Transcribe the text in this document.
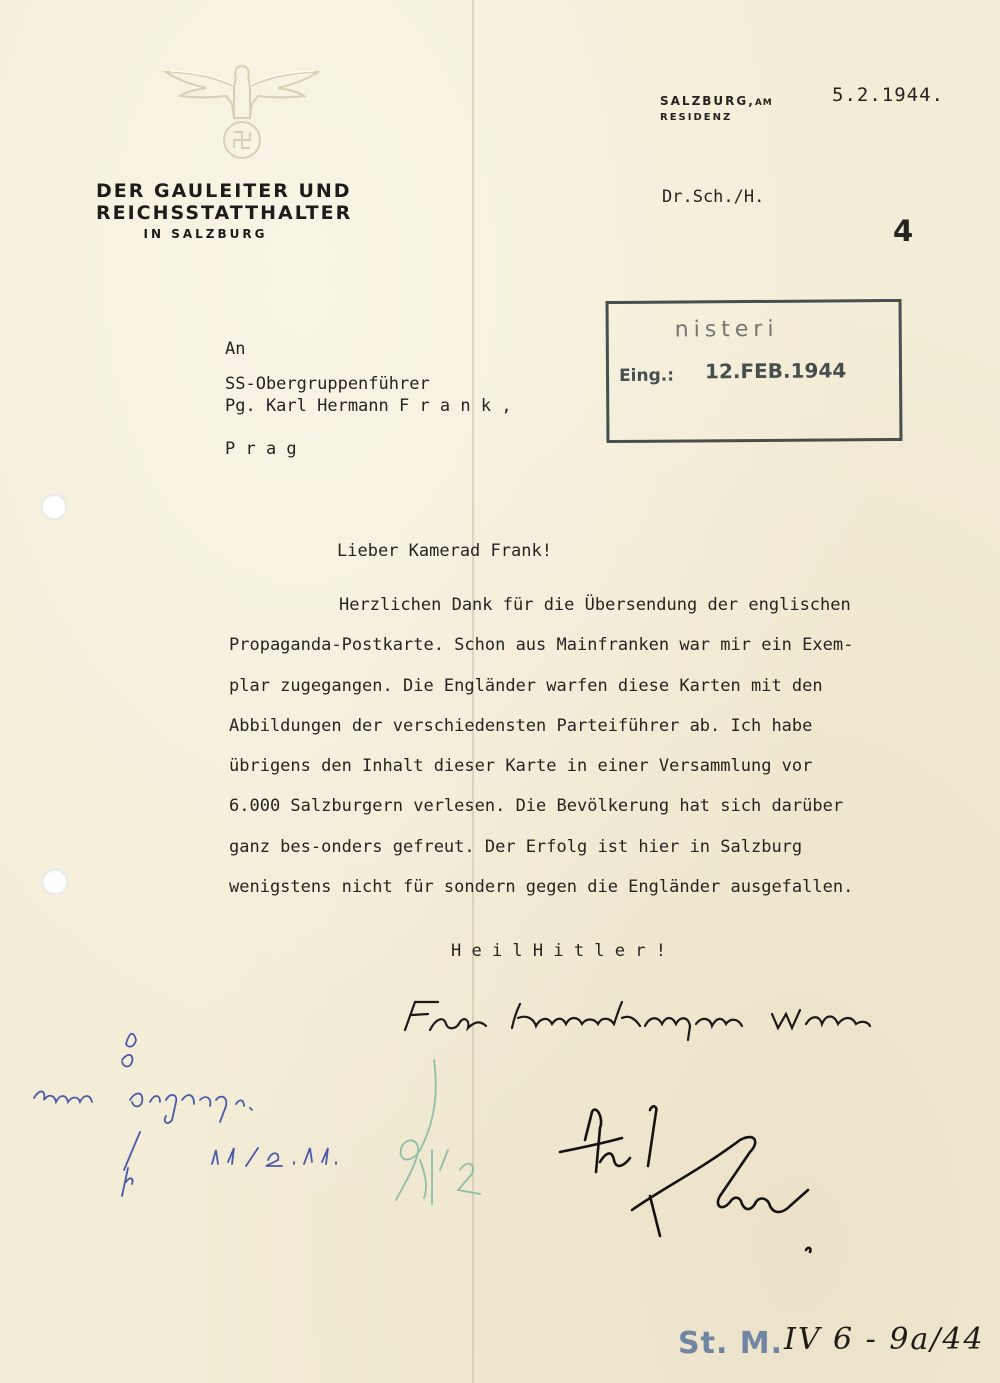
DER GAULEITER UND
REICHSSTATTHALTER
IN SALZBURG
SALZBURG,AM
RESIDENZ
5.2.1944.
Dr.Sch./H.
4
nisteri
Eing.: 12.FEB.1944
An
SS-Obergruppenführer
Pg. Karl Hermann F r a n k ,
P r a g
Lieber Kamerad Frank!
Herzlichen Dank für die Übersendung der englischen
Propaganda-Postkarte. Schon aus Mainfranken war mir ein Exem-
plar zugegangen. Die Engländer warfen diese Karten mit den
Abbildungen der verschiedensten Parteiführer ab. Ich habe
übrigens den Inhalt dieser Karte in einer Versammlung vor
6.000 Salzburgern verlesen. Die Bevölkerung hat sich darüber
ganz bes-onders gefreut. Der Erfolg ist hier in Salzburg
wenigstens nicht für sondern gegen die Engländer ausgefallen.
H e i l H i t l e r !
St. M. IV 6 - 9a/44
